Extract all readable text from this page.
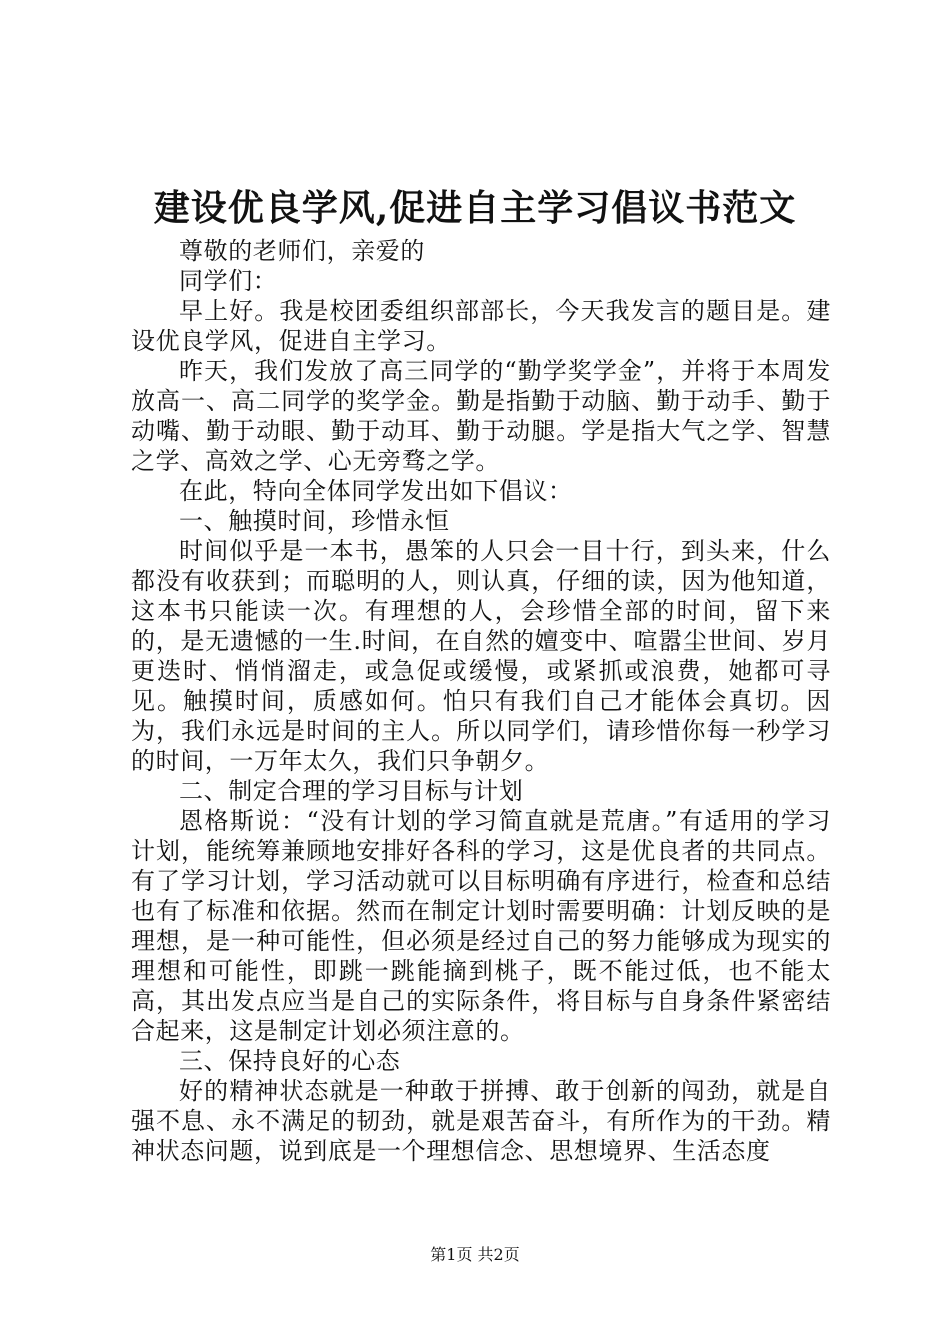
建设优良学风,促进自主学习倡议书范文

尊敬的老师们，亲爱的

同学们：

早上好。我是校团委组织部部长，今天我发言的题目是。建设优良学风，促进自主学习。

昨天，我们发放了高三同学的“勤学奖学金”，并将于本周发放高一、高二同学的奖学金。勤是指勤于动脑、勤于动手、勤于动嘴、勤于动眼、勤于动耳、勤于动腿。学是指大气之学、智慧之学、高效之学、心无旁骛之学。

在此，特向全体同学发出如下倡议：

一、触摸时间，珍惜永恒

时间似乎是一本书，愚笨的人只会一目十行，到头来，什么都没有收获到；而聪明的人，则认真，仔细的读，因为他知道，这本书只能读一次。有理想的人，会珍惜全部的时间，留下来的，是无遗憾的一生.时间，在自然的嬗变中、喧嚣尘世间、岁月更迭时、悄悄溜走，或急促或缓慢，或紧抓或浪费，她都可寻见。触摸时间，质感如何。怕只有我们自己才能体会真切。因为，我们永远是时间的主人。所以同学们，请珍惜你每一秒学习的时间，一万年太久，我们只争朝夕。

二、制定合理的学习目标与计划

恩格斯说：“没有计划的学习简直就是荒唐。”有适用的学习计划，能统筹兼顾地安排好各科的学习，这是优良者的共同点。有了学习计划，学习活动就可以目标明确有序进行，检查和总结也有了标准和依据。然而在制定计划时需要明确：计划反映的是理想，是一种可能性，但必须是经过自己的努力能够成为现实的理想和可能性，即跳一跳能摘到桃子，既不能过低，也不能太高，其出发点应当是自己的实际条件，将目标与自身条件紧密结合起来，这是制定计划必须注意的。

三、保持良好的心态

好的精神状态就是一种敢于拼搏、敢于创新的闯劲，就是自强不息、永不满足的韧劲，就是艰苦奋斗，有所作为的干劲。精神状态问题，说到底是一个理想信念、思想境界、生活态度

第1页 共2页
